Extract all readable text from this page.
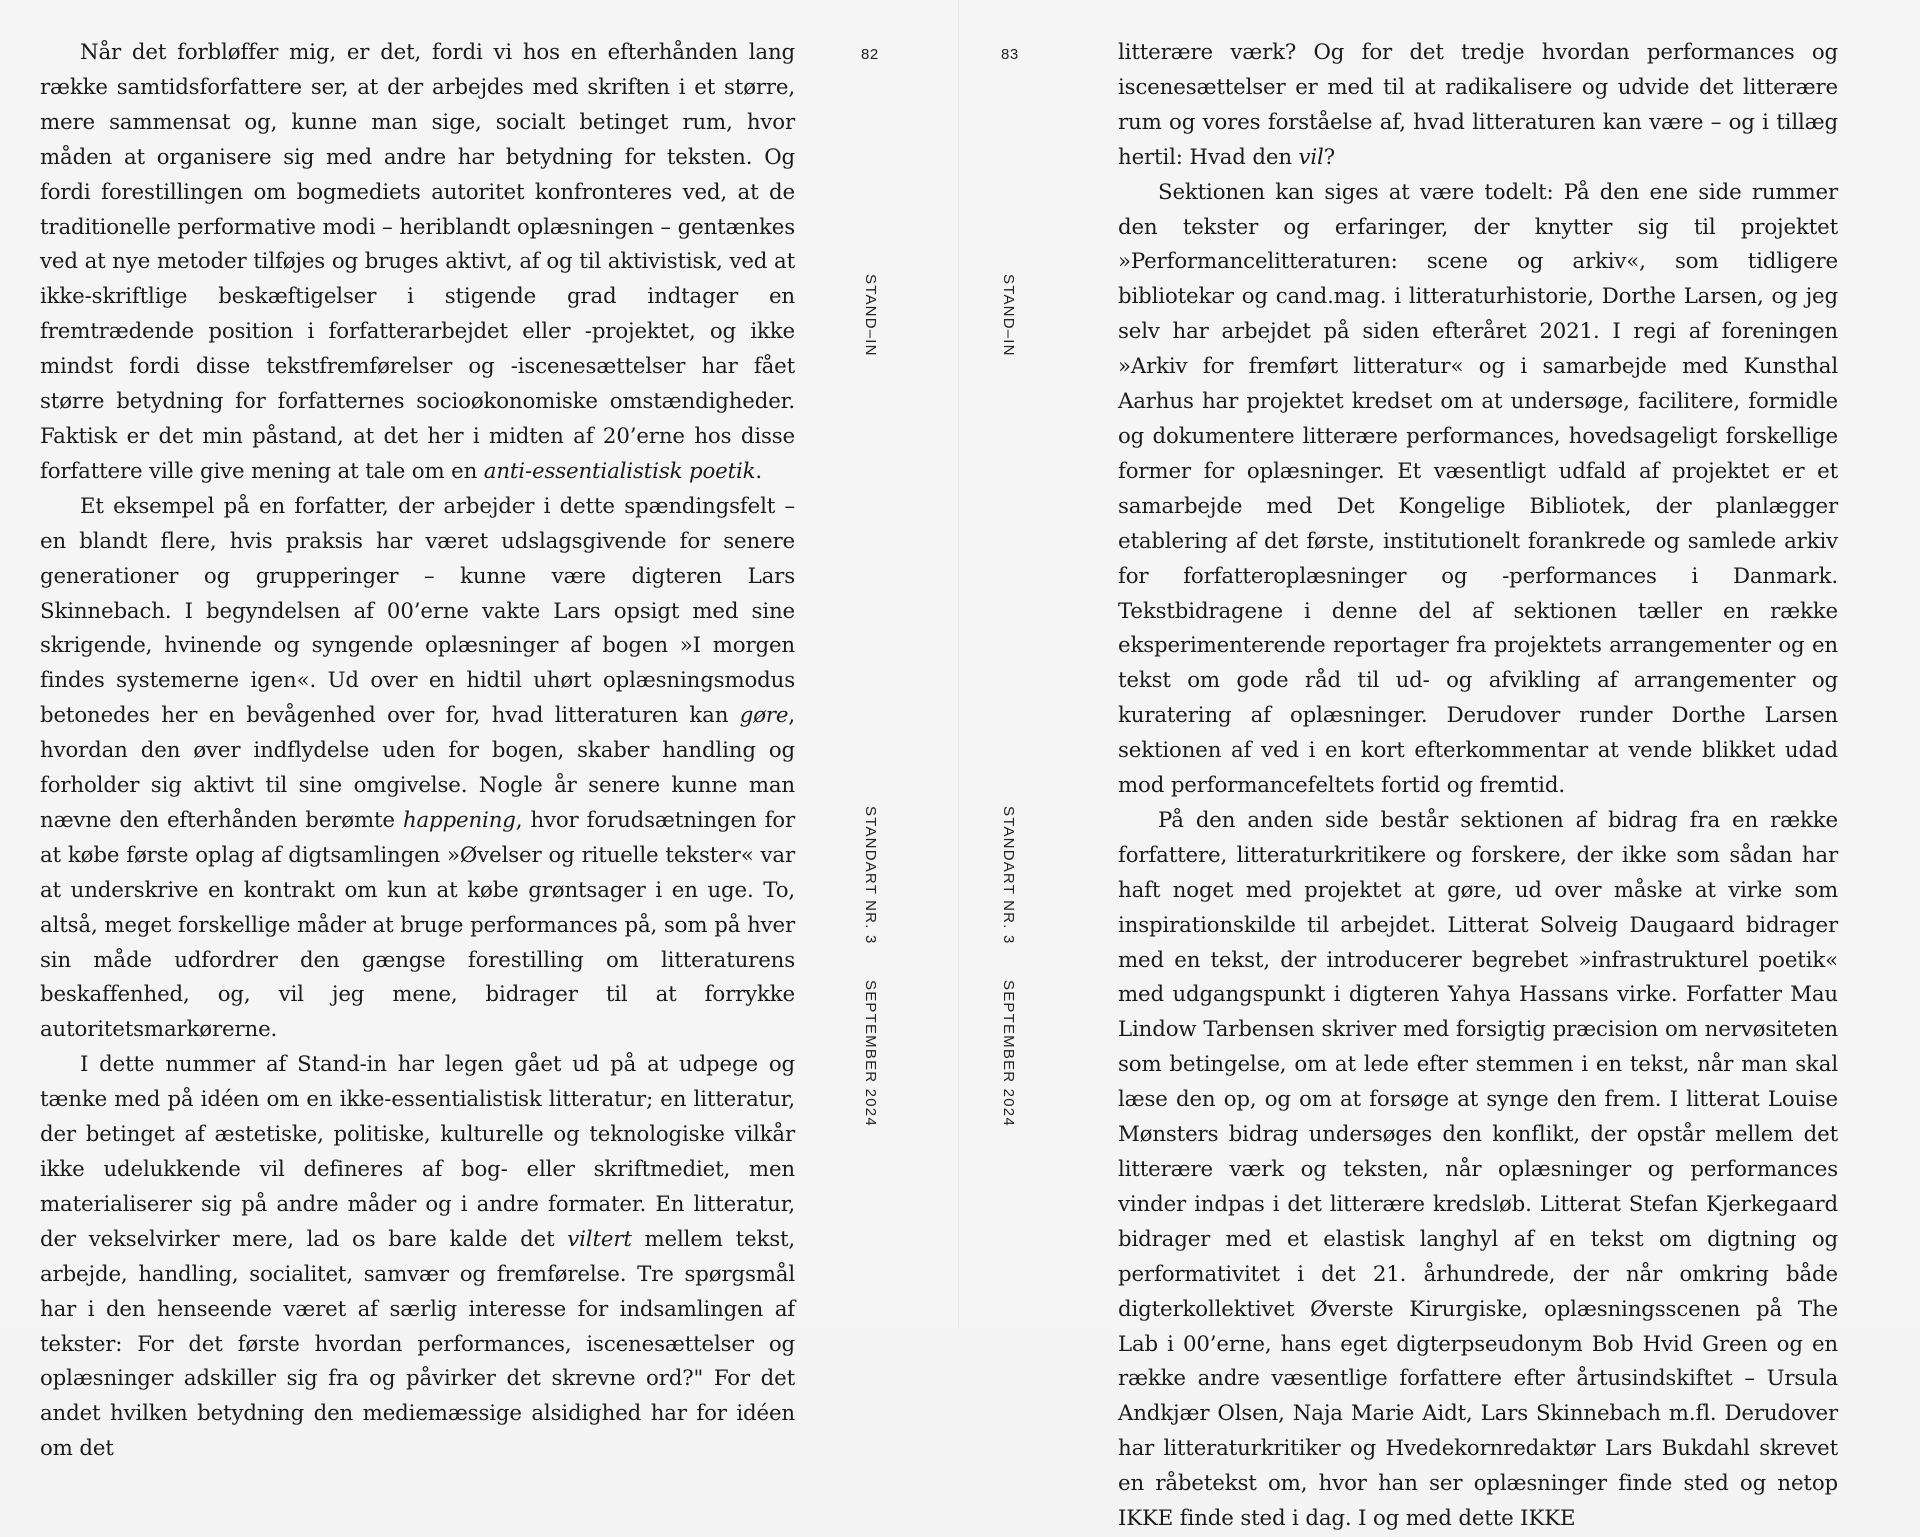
Når det forbløffer mig, er det, fordi vi hos en efterhånden lang række samtidsforfattere ser, at der arbejdes med skriften i et større, mere sammensat og, kunne man sige, socialt betinget rum, hvor måden at organisere sig med andre har betydning for teksten. Og fordi forestillingen om bogmediets autoritet konfronteres ved, at de traditionelle performative modi – heriblandt oplæsningen – gentænkes ved at nye metoder tilføjes og bruges aktivt, af og til aktivistisk, ved at ikke-skriftlige beskæftigelser i stigende grad indtager en fremtrædende position i forfatterarbejdet eller -projektet, og ikke mindst fordi disse tekstfremførelser og -iscenesættelser har fået større betydning for forfatternes socioøkonomiske omstændigheder. Faktisk er det min påstand, at det her i midten af 20’erne hos disse forfattere ville give mening at tale om en anti-essentialistisk poetik.

Et eksempel på en forfatter, der arbejder i dette spændingsfelt – en blandt flere, hvis praksis har været udslagsgivende for senere generationer og grupperinger – kunne være digteren Lars Skinnebach. I begyndelsen af 00’erne vakte Lars opsigt med sine skrigende, hvinende og syngende oplæsninger af bogen »I morgen findes systemerne igen«. Ud over en hidtil uhørt oplæsningsmodus betonedes her en bevågenhed over for, hvad litteraturen kan gøre, hvordan den øver indflydelse uden for bogen, skaber handling og forholder sig aktivt til sine omgivelse. Nogle år senere kunne man nævne den efterhånden berømte happening, hvor forudsætningen for at købe første oplag af digtsamlingen »Øvelser og rituelle tekster« var at underskrive en kontrakt om kun at købe grøntsager i en uge. To, altså, meget forskellige måder at bruge performances på, som på hver sin måde udfordrer den gængse forestilling om litteraturens beskaffenhed, og, vil jeg mene, bidrager til at forrykke autoritetsmarkørerne.

I dette nummer af Stand-in har legen gået ud på at udpege og tænke med på idéen om en ikke-essentialistisk litteratur; en litteratur, der betinget af æstetiske, politiske, kulturelle og teknologiske vilkår ikke udelukkende vil defineres af bog- eller skriftmediet, men materialiserer sig på andre måder og i andre formater. En litteratur, der vekselvirker mere, lad os bare kalde det viltert mellem tekst, arbejde, handling, socialitet, samvær og fremførelse. Tre spørgsmål har i den henseende været af særlig interesse for indsamlingen af tekster: For det første hvordan performances, iscenesættelser og oplæsninger adskiller sig fra og påvirker det skrevne ord?" For det andet hvilken betydning den mediemæssige alsidighed har for idéen om det

82
STAND–IN
STANDART NR. 3
SEPTEMBER 2024
83
STAND–IN
STANDART NR. 3
SEPTEMBER 2024

litterære værk? Og for det tredje hvordan performances og iscenesættelser er med til at radikalisere og udvide det litterære rum og vores forståelse af, hvad litteraturen kan være – og i tillæg hertil: Hvad den vil?

Sektionen kan siges at være todelt: På den ene side rummer den tekster og erfaringer, der knytter sig til projektet »Performancelitteraturen: scene og arkiv«, som tidligere bibliotekar og cand.mag. i litteraturhistorie, Dorthe Larsen, og jeg selv har arbejdet på siden efteråret 2021. I regi af foreningen »Arkiv for fremført litteratur« og i samarbejde med Kunsthal Aarhus har projektet kredset om at undersøge, facilitere, formidle og dokumentere litterære performances, hovedsageligt forskellige former for oplæsninger. Et væsentligt udfald af projektet er et samarbejde med Det Kongelige Bibliotek, der planlægger etablering af det første, institutionelt forankrede og samlede arkiv for forfatteroplæsninger og -performances i Danmark. Tekstbidragene i denne del af sektionen tæller en række eksperimenterende reportager fra projektets arrangementer og en tekst om gode råd til ud- og afvikling af arrangementer og kuratering af oplæsninger. Derudover runder Dorthe Larsen sektionen af ved i en kort efterkommentar at vende blikket udad mod performancefeltets fortid og fremtid.

På den anden side består sektionen af bidrag fra en række forfattere, litteraturkritikere og forskere, der ikke som sådan har haft noget med projektet at gøre, ud over måske at virke som inspirationskilde til arbejdet. Litterat Solveig Daugaard bidrager med en tekst, der introducerer begrebet »infrastrukturel poetik« med udgangspunkt i digteren Yahya Hassans virke. Forfatter Mau Lindow Tarbensen skriver med forsigtig præcision om nervøsiteten som betingelse, om at lede efter stemmen i en tekst, når man skal læse den op, og om at forsøge at synge den frem. I litterat Louise Mønsters bidrag undersøges den konflikt, der opstår mellem det litterære værk og teksten, når oplæsninger og performances vinder indpas i det litterære kredsløb. Litterat Stefan Kjerkegaard bidrager med et elastisk langhyl af en tekst om digtning og performativitet i det 21. århundrede, der når omkring både digterkollektivet Øverste Kirurgiske, oplæsningsscenen på The Lab i 00’erne, hans eget digterpseudonym Bob Hvid Green og en række andre væsentlige forfattere efter årtusindskiftet – Ursula Andkjær Olsen, Naja Marie Aidt, Lars Skinnebach m.fl. Derudover har litteraturkritiker og Hvedekornredaktør Lars Bukdahl skrevet en råbetekst om, hvor han ser oplæsninger finde sted og netop IKKE finde sted i dag. I og med dette IKKE
